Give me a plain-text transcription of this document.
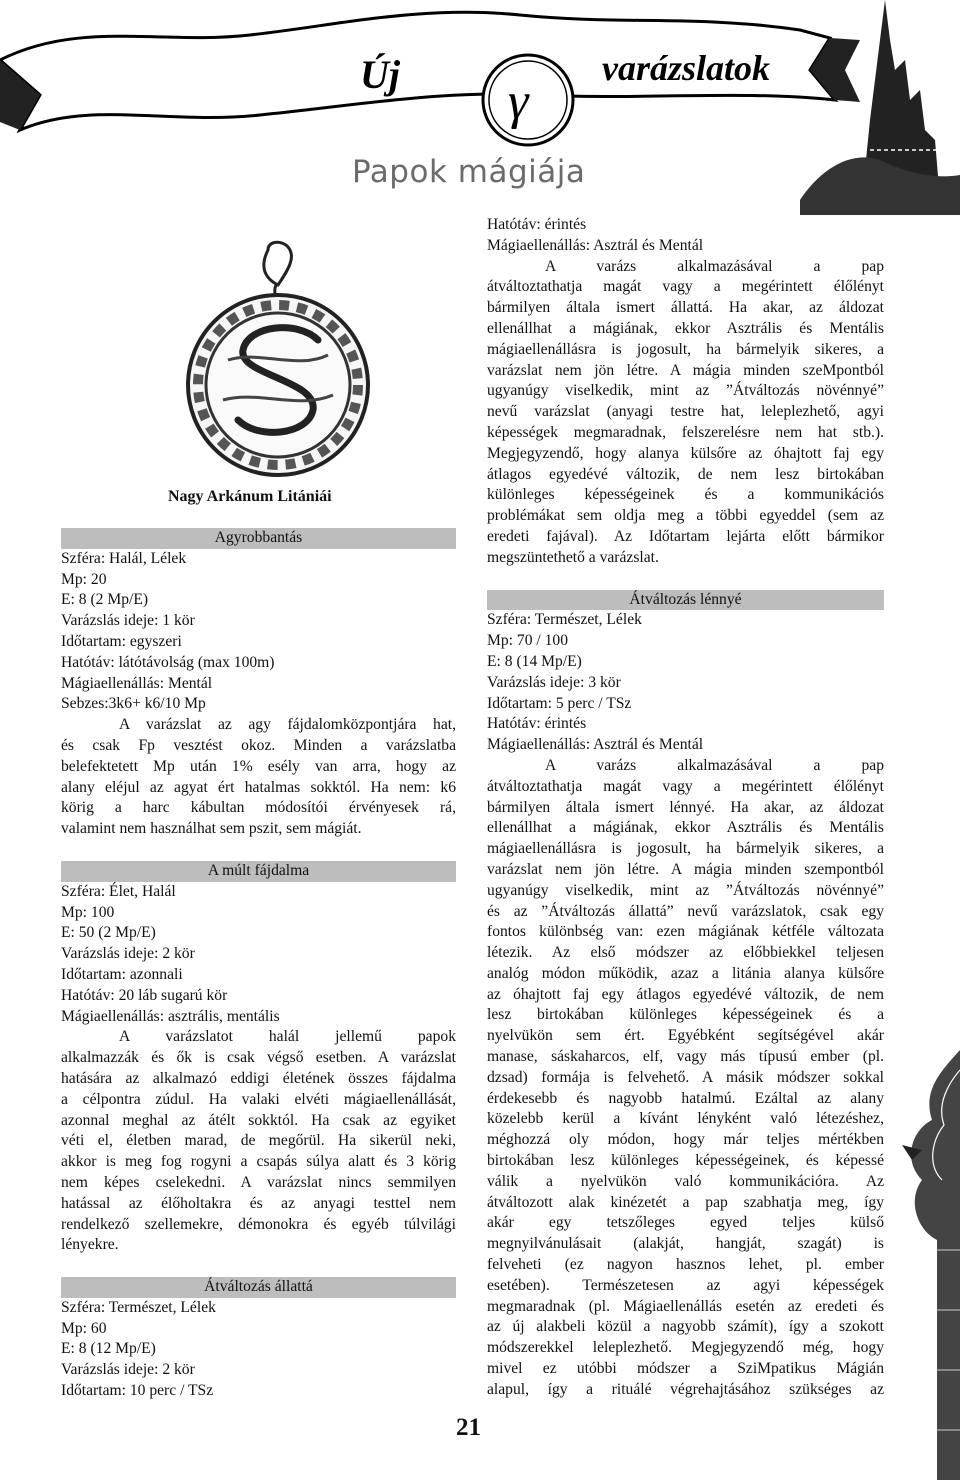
Új γ
varázslatok
Papok mágiája
Nagy Arkánum Litániái
Agyrobbantás
Szféra: Halál, Lélek
Mp: 20
E: 8 (2 Mp/E)
Varázslás ideje: 1 kör
Időtartam: egyszeri
Hatótáv: látótávolság (max 100m)
Mágiaellenállás: Mentál
Sebzes:3k6+ k6/10 Mp
A varázslat az agy fájdalomközpontjára hat,
és csak Fp vesztést okoz. Minden a varázslatba
belefektetett Mp után 1% esély van arra, hogy az
alany eléjul az agyat ért hatalmas sokktól. Ha nem: k6
körig a harc kábultan módosítói érvényesek rá,
valamint nem használhat sem pszit, sem mágiát.
A múlt fájdalma
Szféra: Élet, Halál
Mp: 100
E: 50 (2 Mp/E)
Varázslás ideje: 2 kör
Időtartam: azonnali
Hatótáv: 20 láb sugarú kör
Mágiaellenállás: asztrális, mentális
A varázslatot halál jellemű papok
alkalmazzák és ők is csak végső esetben. A varázslat
hatására az alkalmazó eddigi életének összes fájdalma
a célpontra zúdul. Ha valaki elvéti mágiaellenállását,
azonnal meghal az átélt sokktól. Ha csak az egyiket
véti el, életben marad, de megőrül. Ha sikerül neki,
akkor is meg fog rogyni a csapás súlya alatt és 3 körig
nem képes cselekedni. A varázslat nincs semmilyen
hatással az élőholtakra és az anyagi testtel nem
rendelkező szellemekre, démonokra és egyéb túlvilági
lényekre.
Átváltozás állattá
Szféra: Természet, Lélek
Mp: 60
E: 8 (12 Mp/E)
Varázslás ideje: 2 kör
Időtartam: 10 perc / TSz
Hatótáv: érintés
Mágiaellenállás: Asztrál és Mentál
A varázs alkalmazásával a pap
átváltoztathatja magát vagy a megérintett élőlényt
bármilyen általa ismert állattá. Ha akar, az áldozat
ellenállhat a mágiának, ekkor Asztrális és Mentális
mágiaellenállásra is jogosult, ha bármelyik sikeres, a
varázslat nem jön létre. A mágia minden szeMpontból
ugyanúgy viselkedik, mint az ”Átváltozás növénnyé”
nevű varázslat (anyagi testre hat, leleplezhető, agyi
képességek megmaradnak, felszerelésre nem hat stb.).
Megjegyzendő, hogy alanya külsőre az óhajtott faj egy
átlagos egyedévé változik, de nem lesz birtokában
különleges képességeinek és a kommunikációs
problémákat sem oldja meg a többi egyeddel (sem az
eredeti fajával). Az Időtartam lejárta előtt bármikor
megszüntethető a varázslat.
Átváltozás lénnyé
Szféra: Természet, Lélek
Mp: 70 / 100
E: 8 (14 Mp/E)
Varázslás ideje: 3 kör
Időtartam: 5 perc / TSz
Hatótáv: érintés
Mágiaellenállás: Asztrál és Mentál
A varázs alkalmazásával a pap
átváltoztathatja magát vagy a megérintett élőlényt
bármilyen általa ismert lénnyé. Ha akar, az áldozat
ellenállhat a mágiának, ekkor Asztrális és Mentális
mágiaellenállásra is jogosult, ha bármelyik sikeres, a
varázslat nem jön létre. A mágia minden szempontból
ugyanúgy viselkedik, mint az ”Átváltozás növénnyé”
és az ”Átváltozás állattá” nevű varázslatok, csak egy
fontos különbség van: ezen mágiának kétféle változata
létezik. Az első módszer az előbbiekkel teljesen
analóg módon működik, azaz a litánia alanya külsőre
az óhajtott faj egy átlagos egyedévé változik, de nem
lesz birtokában különleges képességeinek és a
nyelvükön sem ért. Egyébként segítségével akár
manase, sáskaharcos, elf, vagy más típusú ember (pl.
dzsad) formája is felvehető. A másik módszer sokkal
érdekesebb és nagyobb hatalmú. Ezáltal az alany
közelebb kerül a kívánt lényként való létezéshez,
méghozzá oly módon, hogy már teljes mértékben
birtokában lesz különleges képességeinek, és képessé
válik a nyelvükön való kommunikációra. Az
átváltozott alak kinézetét a pap szabhatja meg, így
akár egy tetszőleges egyed teljes külső
megnyilvánulásait (alakját, hangját, szagát) is
felveheti (ez nagyon hasznos lehet, pl. ember
esetében). Természetesen az agyi képességek
megmaradnak (pl. Mágiaellenállás esetén az eredeti és
az új alakbeli közül a nagyobb számít), így a szokott
módszerekkel leleplezhető. Megjegyzendő még, hogy
mivel ez utóbbi módszer a SziMpatikus Mágián
alapul, így a rituálé végrehajtásához szükséges az
21
